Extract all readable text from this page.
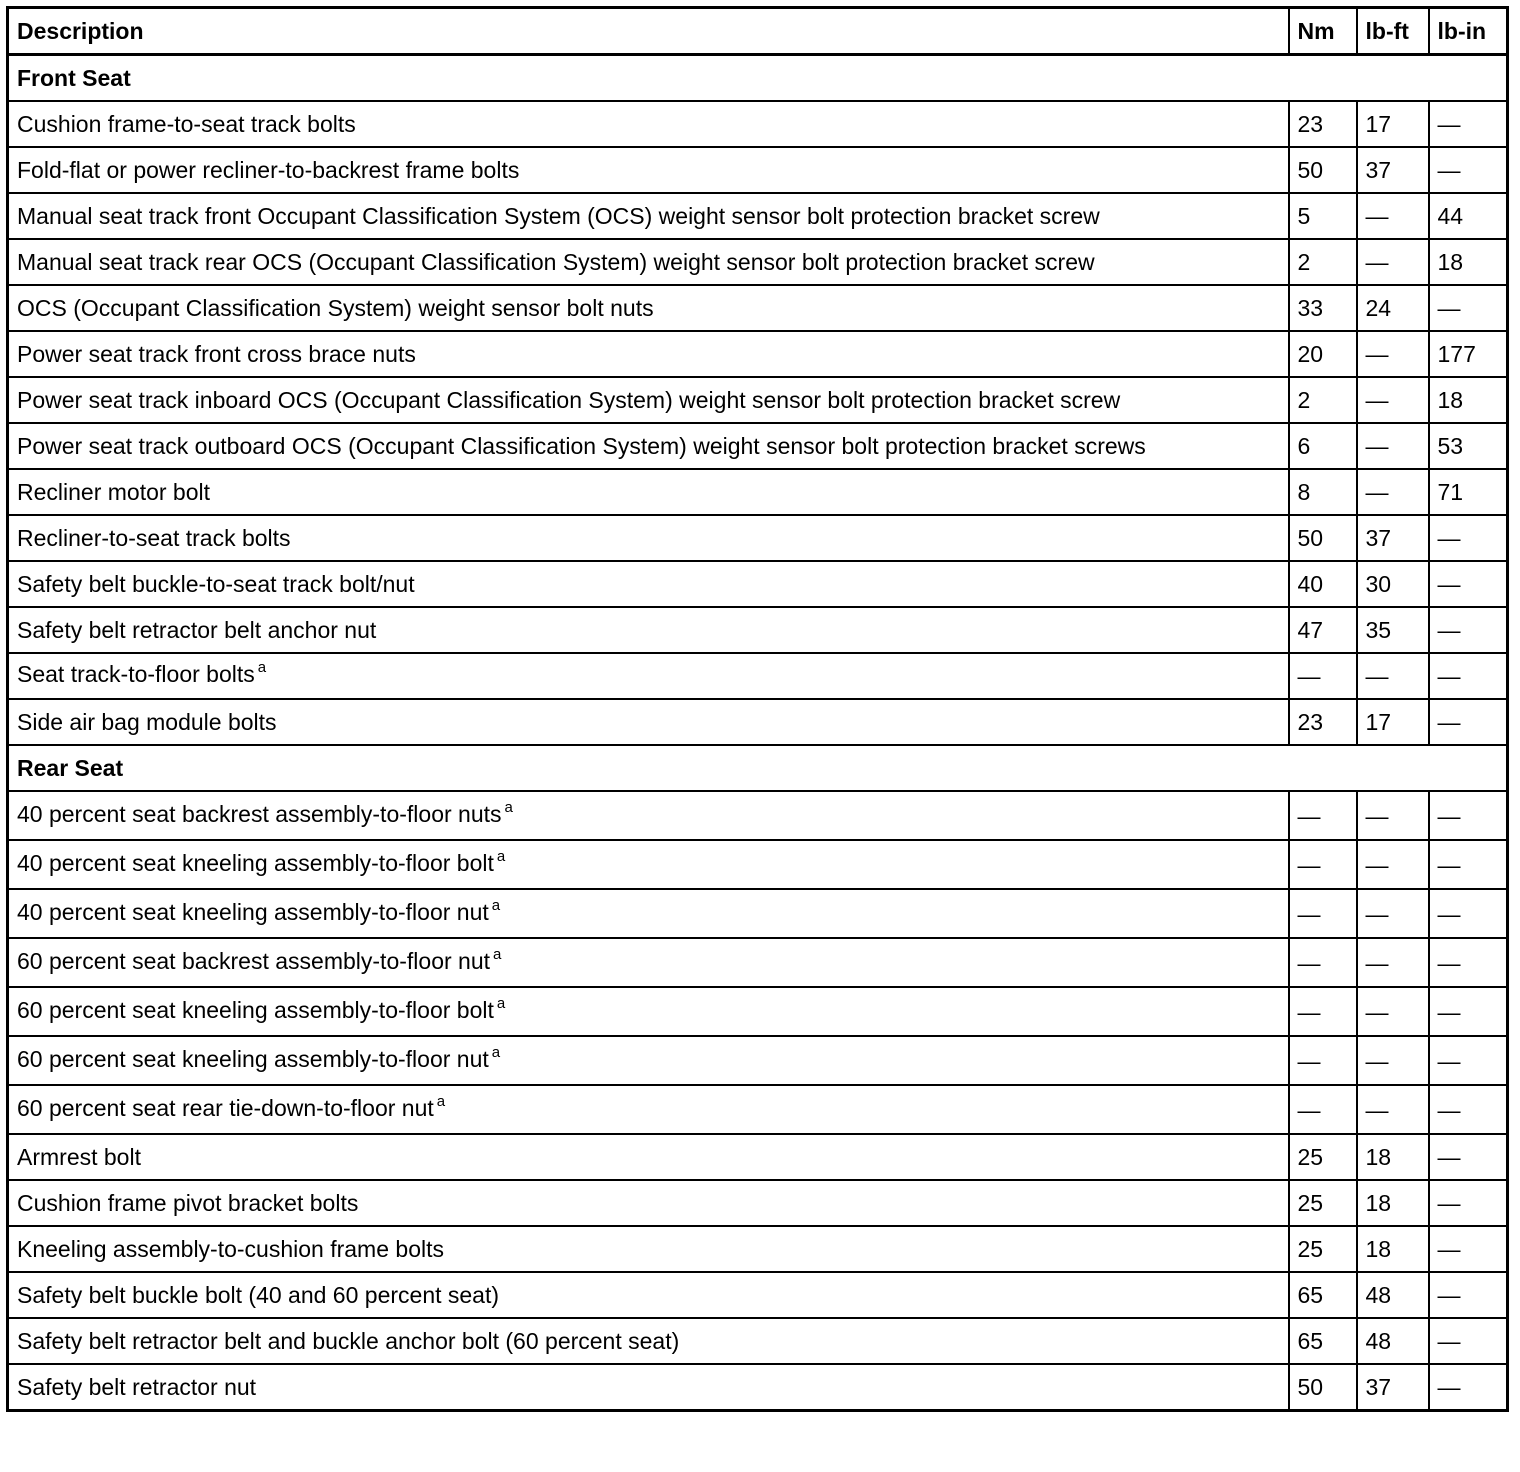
Description	Nm	lb-ft	lb-in
Front Seat			
Cushion frame-to-seat track bolts	23	17	—
Fold-flat or power recliner-to-backrest frame bolts	50	37	—
Manual seat track front Occupant Classification System (OCS) weight sensor bolt protection bracket screw	5	—	44
Manual seat track rear OCS (Occupant Classification System) weight sensor bolt protection bracket screw	2	—	18
OCS (Occupant Classification System) weight sensor bolt nuts	33	24	—
Power seat track front cross brace nuts	20	—	177
Power seat track inboard OCS (Occupant Classification System) weight sensor bolt protection bracket screw	2	—	18
Power seat track outboard OCS (Occupant Classification System) weight sensor bolt protection bracket screws	6	—	53
Recliner motor bolt	8	—	71
Recliner-to-seat track bolts	50	37	—
Safety belt buckle-to-seat track bolt/nut	40	30	—
Safety belt retractor belt anchor nut	47	35	—
Seat track-to-floor bolts $^a$	—	—	—
Side air bag module bolts	23	17	—
Rear Seat			
40 percent seat backrest assembly-to-floor nuts $^a$	—	—	—
40 percent seat kneeling assembly-to-floor bolt $^a$	—	—	—
40 percent seat kneeling assembly-to-floor nut $^a$	—	—	—
60 percent seat backrest assembly-to-floor nut $^a$	—	—	—
60 percent seat kneeling assembly-to-floor bolt $^a$	—	—	—
60 percent seat kneeling assembly-to-floor nut $^a$	—	—	—
60 percent seat rear tie-down-to-floor nut $^a$	—	—	—
Armrest bolt	25	18	—
Cushion frame pivot bracket bolts	25	18	—
Kneeling assembly-to-cushion frame bolts	25	18	—
Safety belt buckle bolt (40 and 60 percent seat)	65	48	—
Safety belt retractor belt and buckle anchor bolt (60 percent seat)	65	48	—
Safety belt retractor nut	50	37	—
